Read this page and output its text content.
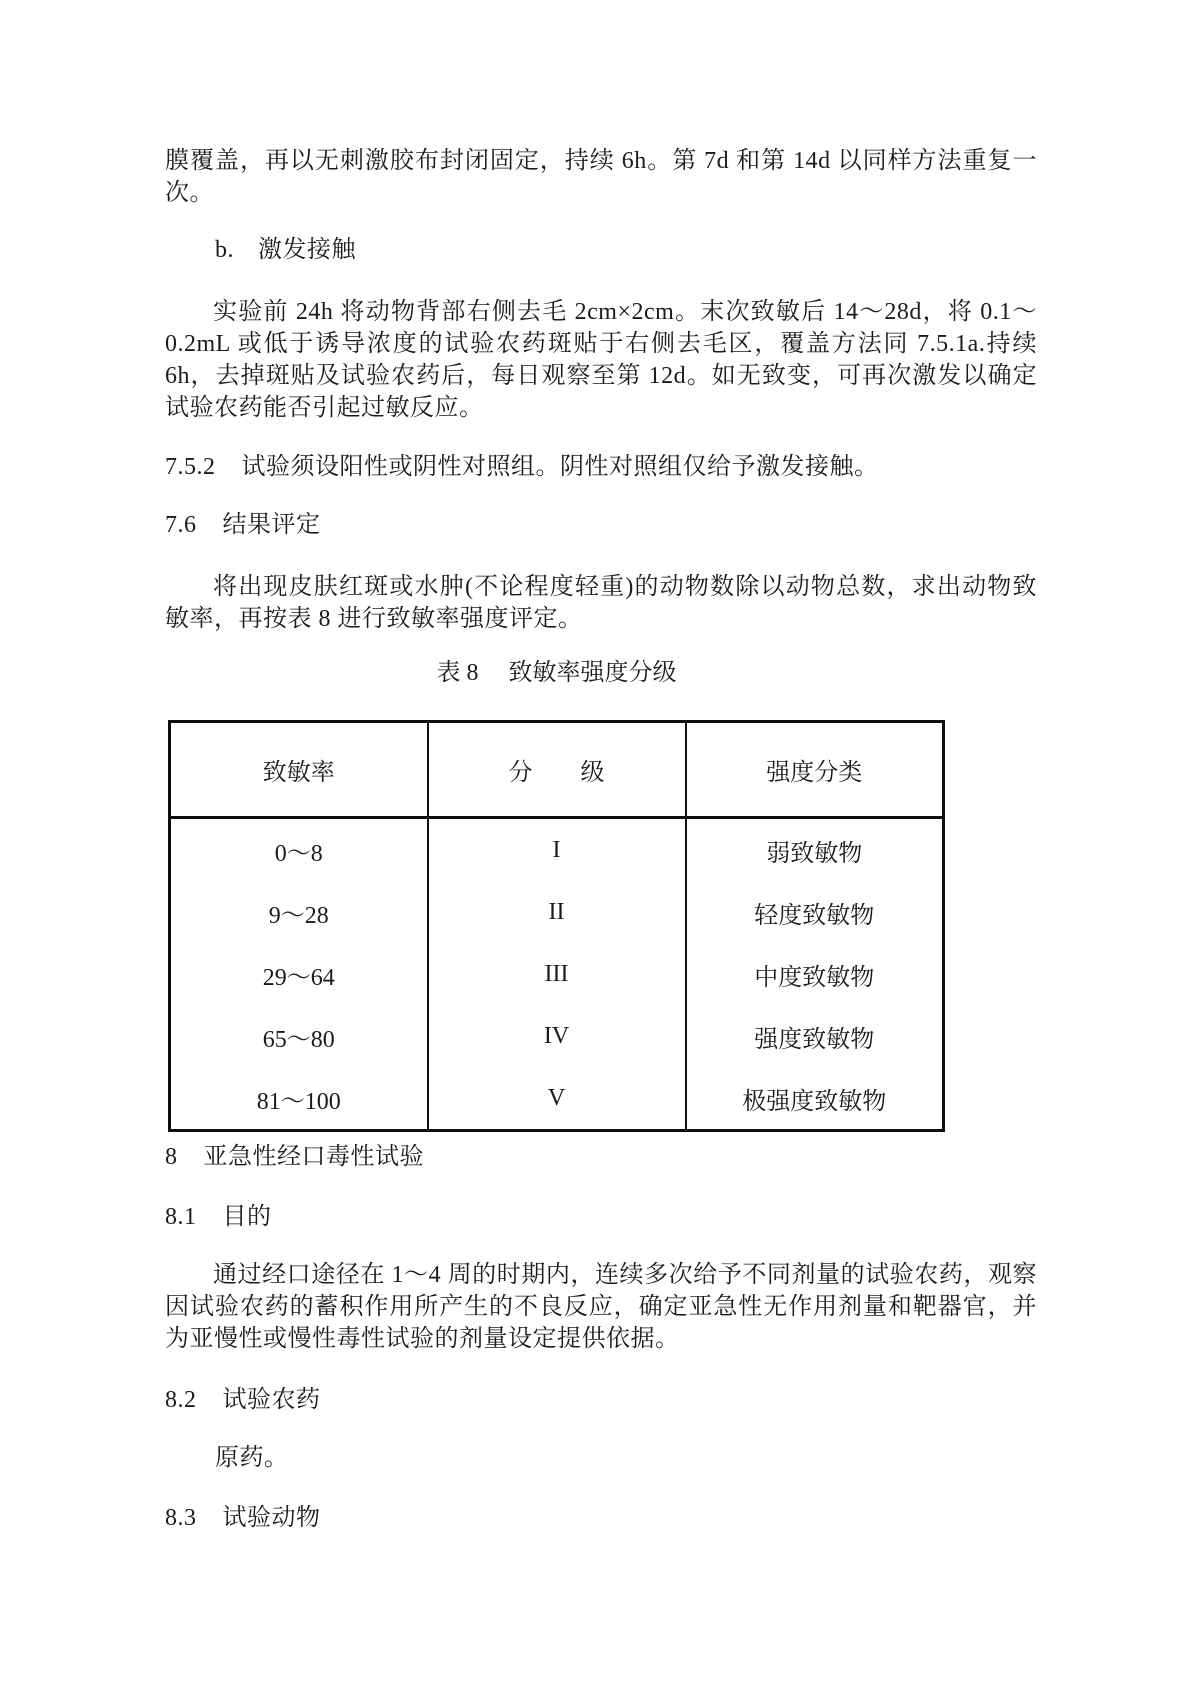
膜覆盖，再以无刺激胶布封闭固定，持续 6h。第 7d 和第 14d 以同样方法重复一
次。
b. 激发接触
实验前 24h 将动物背部右侧去毛 2cm×2cm。末次致敏后 14～28d，将 0.1～
0.2mL 或低于诱导浓度的试验农药斑贴于右侧去毛区，覆盖方法同 7.5.1a.持续
6h，去掉斑贴及试验农药后，每日观察至第 12d。如无致变，可再次激发以确定
试验农药能否引起过敏反应。
7.5.2 试验须设阳性或阴性对照组。阴性对照组仅给予激发接触。
7.6 结果评定
将出现皮肤红斑或水肿(不论程度轻重)的动物数除以动物总数，求出动物致
敏率，再按表 8 进行致敏率强度评定。
表 8 致敏率强度分级
致敏率	分　　级	强度分类
0～8	I	弱致敏物
9～28	II	轻度致敏物
29～64	III	中度致敏物
65～80	IV	强度致敏物
81～100	V	极强度致敏物
8 亚急性经口毒性试验
8.1 目的
通过经口途径在 1～4 周的时期内，连续多次给予不同剂量的试验农药，观察
因试验农药的蓄积作用所产生的不良反应，确定亚急性无作用剂量和靶器官，并
为亚慢性或慢性毒性试验的剂量设定提供依据。
8.2 试验农药
原药。
8.3 试验动物
